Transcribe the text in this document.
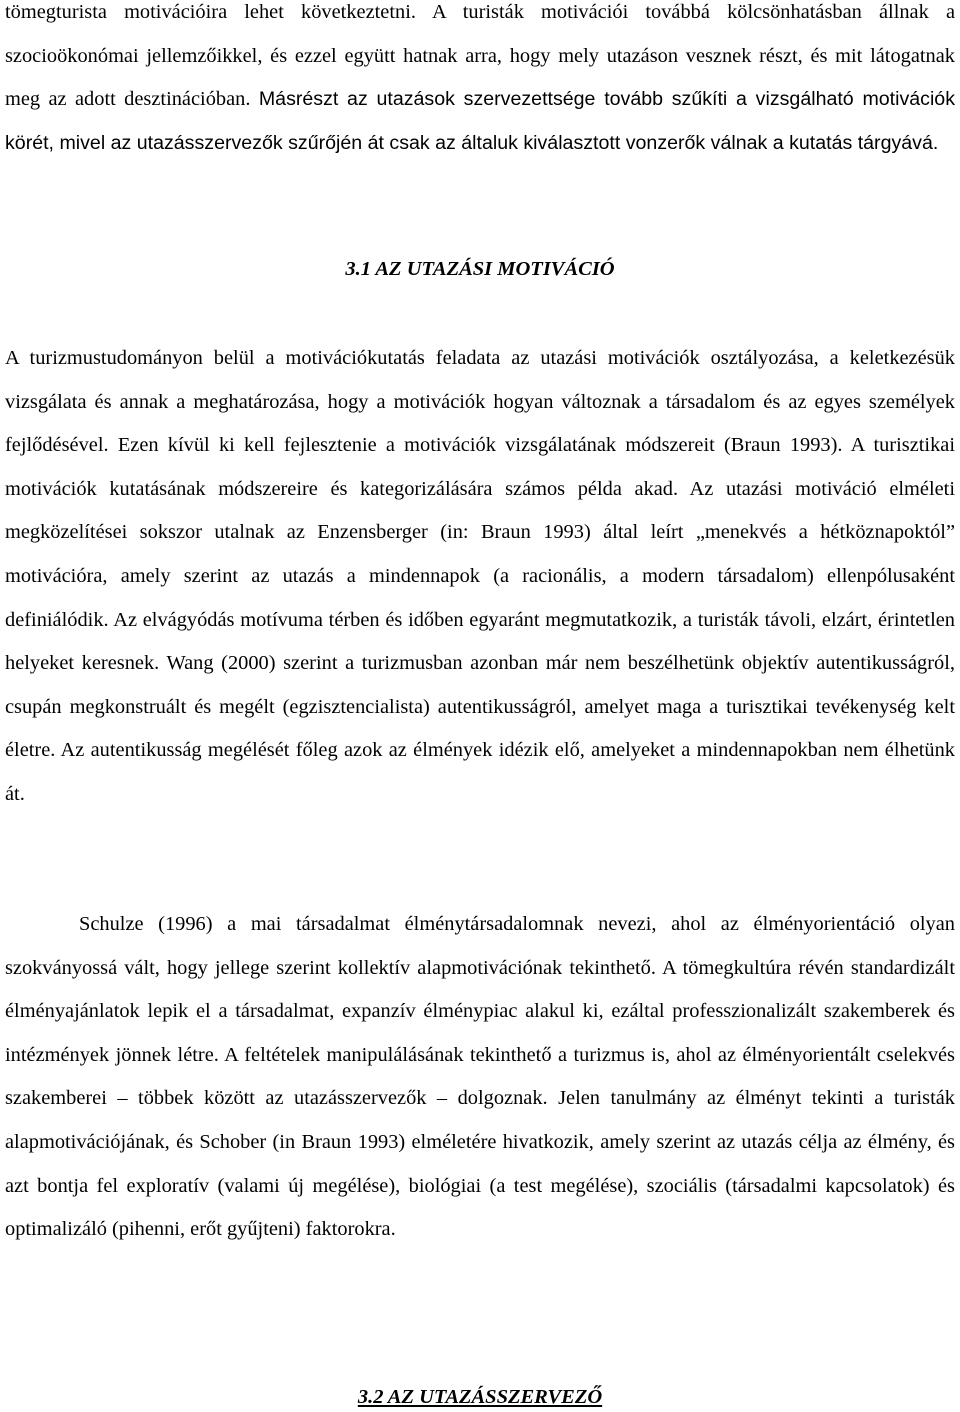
tömegturista motivációira lehet következtetni. A turisták motivációi továbbá kölcsönhatásban állnak a szocioökonómai jellemzőikkel, és ezzel együtt hatnak arra, hogy mely utazáson vesznek részt, és mit látogatnak meg az adott desztinációban. Másrészt az utazások szervezettsége tovább szűkíti a vizsgálható motivációk körét, mivel az utazásszervezők szűrőjén át csak az általuk kiválasztott vonzerők válnak a kutatás tárgyává.

3.1 AZ UTAZÁSI MOTIVÁCIÓ

A turizmustudományon belül a motivációkutatás feladata az utazási motivációk osztályozása, a keletkezésük vizsgálata és annak a meghatározása, hogy a motivációk hogyan változnak a társadalom és az egyes személyek fejlődésével. Ezen kívül ki kell fejlesztenie a motivációk vizsgálatának módszereit (Braun 1993). A turisztikai motivációk kutatásának módszereire és kategorizálására számos példa akad. Az utazási motiváció elméleti megközelítései sokszor utalnak az Enzensberger (in: Braun 1993) által leírt „menekvés a hétköznapoktól” motivációra, amely szerint az utazás a mindennapok (a racionális, a modern társadalom) ellenpólusaként definiálódik. Az elvágyódás motívuma térben és időben egyaránt megmutatkozik, a turisták távoli, elzárt, érintetlen helyeket keresnek. Wang (2000) szerint a turizmusban azonban már nem beszélhetünk objektív autentikusságról, csupán megkonstruált és megélt (egzisztencialista) autentikusságról, amelyet maga a turisztikai tevékenység kelt életre. Az autentikusság megélését főleg azok az élmények idézik elő, amelyeket a mindennapokban nem élhetünk át.

Schulze (1996) a mai társadalmat élménytársadalomnak nevezi, ahol az élményorientáció olyan szokványossá vált, hogy jellege szerint kollektív alapmotivációnak tekinthető. A tömegkultúra révén standardizált élményajánlatok lepik el a társadalmat, expanzív élménypiac alakul ki, ezáltal professzionalizált szakemberek és intézmények jönnek létre. A feltételek manipulálásának tekinthető a turizmus is, ahol az élményorientált cselekvés szakemberei – többek között az utazásszervezők – dolgoznak. Jelen tanulmány az élményt tekinti a turisták alapmotivációjának, és Schober (in Braun 1993) elméletére hivatkozik, amely szerint az utazás célja az élmény, és azt bontja fel exploratív (valami új megélése), biológiai (a test megélése), szociális (társadalmi kapcsolatok) és optimalizáló (pihenni, erőt gyűjteni) faktorokra.

3.2 AZ UTAZÁSSZERVEZŐ
